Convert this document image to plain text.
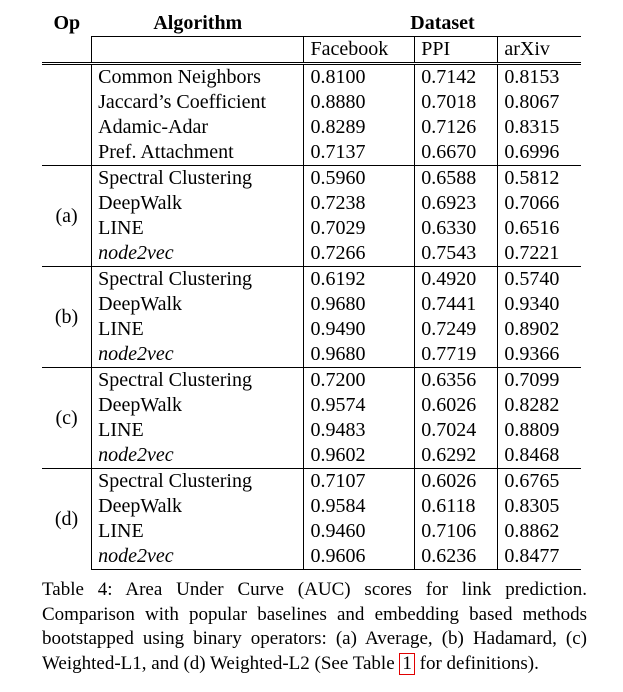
Op	Algorithm	Dataset		
		Facebook	PPI	arXiv
	Common Neighbors	0.8100	0.7142	0.8153
	Jaccard’s Coefficient	0.8880	0.7018	0.8067
	Adamic-Adar	0.8289	0.7126	0.8315
	Pref. Attachment	0.7137	0.6670	0.6996
(a)	Spectral Clustering	0.5960	0.6588	0.5812
	DeepWalk	0.7238	0.6923	0.7066
	LINE	0.7029	0.6330	0.6516
	node2vec	0.7266	0.7543	0.7221
(b)	Spectral Clustering	0.6192	0.4920	0.5740
	DeepWalk	0.9680	0.7441	0.9340
	LINE	0.9490	0.7249	0.8902
	node2vec	0.9680	0.7719	0.9366
(c)	Spectral Clustering	0.7200	0.6356	0.7099
	DeepWalk	0.9574	0.6026	0.8282
	LINE	0.9483	0.7024	0.8809
	node2vec	0.9602	0.6292	0.8468
(d)	Spectral Clustering	0.7107	0.6026	0.6765
	DeepWalk	0.9584	0.6118	0.8305
	LINE	0.9460	0.7106	0.8862
	node2vec	0.9606	0.6236	0.8477
Table 4: Area Under Curve (AUC) scores for link prediction. Comparison with popular baselines and embedding based methods bootstapped using binary operators: (a) Average, (b) Hadamard, (c) Weighted-L1, and (d) Weighted-L2 (See Table 1 for definitions).
